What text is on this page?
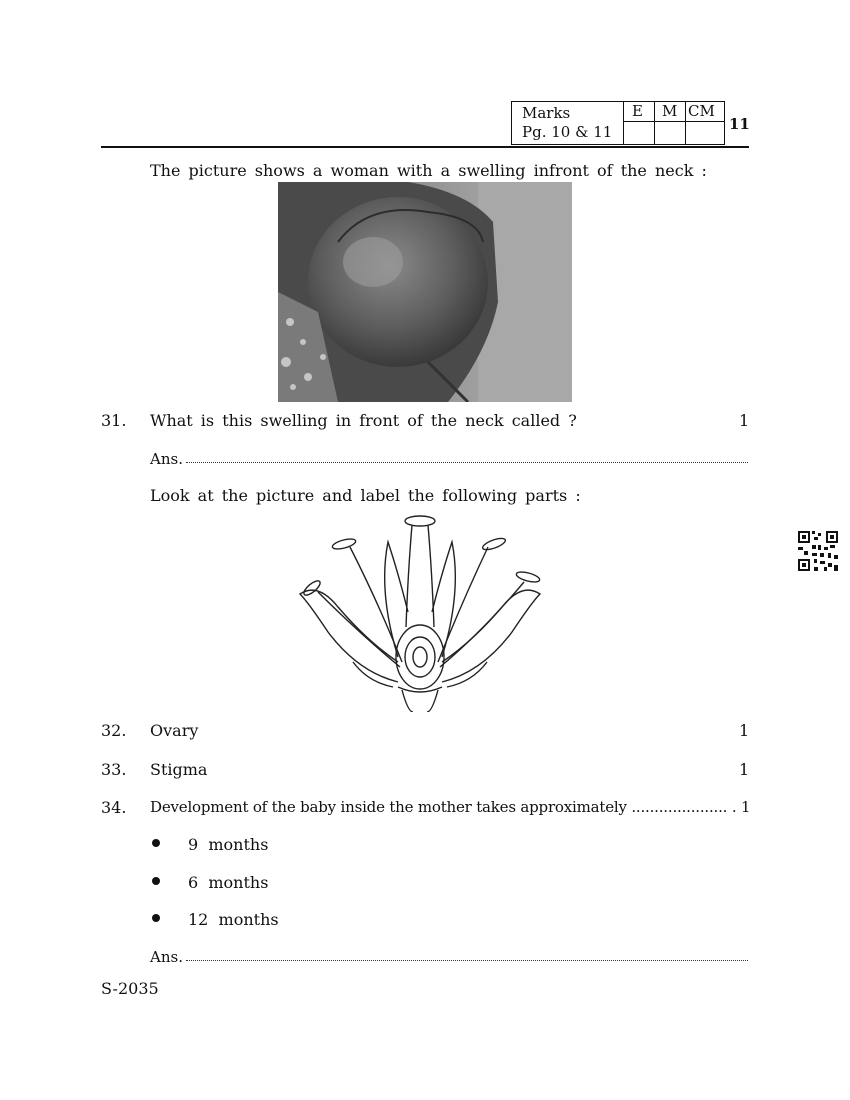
Marks
Pg. 10 & 11
E M CM
11
The picture shows a woman with a swelling infront of the neck :
31. What is this swelling in front of the neck called ?	1
Ans.
Look at the picture and label the following parts :
32. Ovary	1
33. Stigma	1
34. Development of the baby inside the mother takes approximately ..................... . 1
9  months
6  months
12  months
Ans.
S-2035
